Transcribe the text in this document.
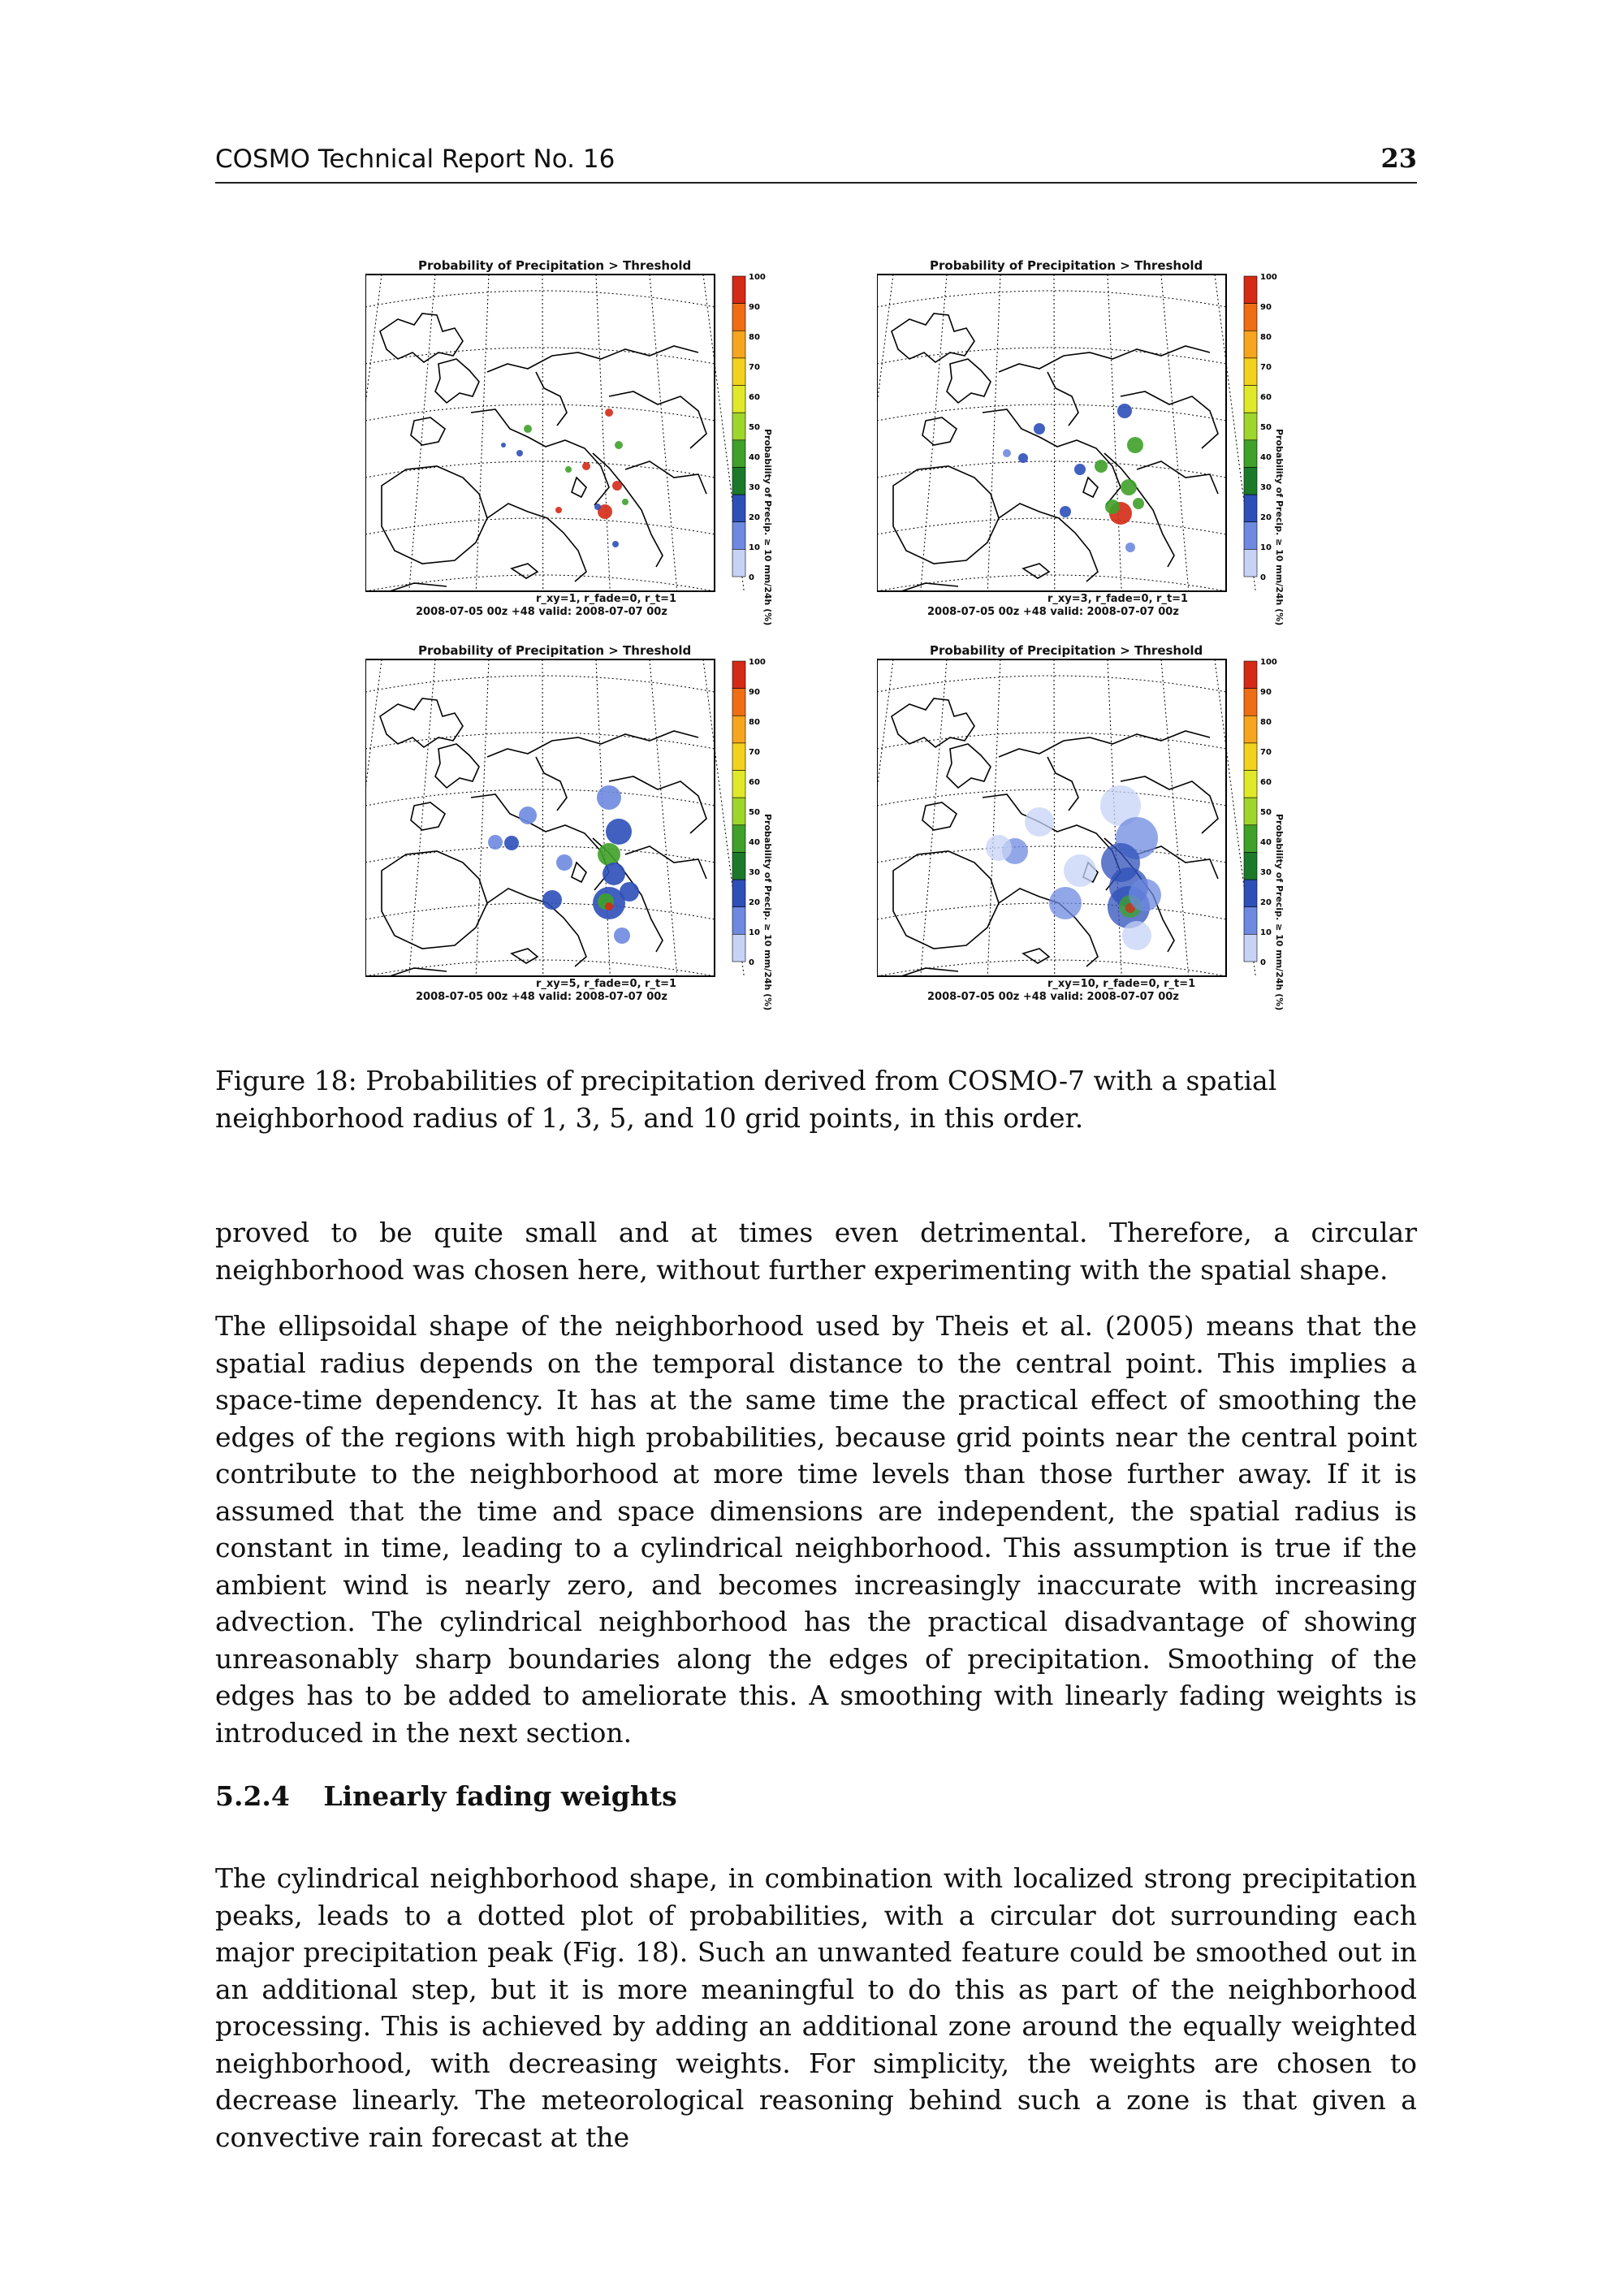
COSMO Technical Report No. 16	23
Probability of Precipitation > Threshold
100
90
80
70
60
50
40
30
20
10
0 Probability of Precip. ≥ 10 mm/24h (%)
r_xy=1, r_fade=0, r_t=1
2008-07-05 00z +48 valid: 2008-07-07 00z
Probability of Precipitation > Threshold
100
90
80
70
60
50
40
30
20
10
0 Probability of Precip. ≥ 10 mm/24h (%)
r_xy=3, r_fade=0, r_t=1
2008-07-05 00z +48 valid: 2008-07-07 00z
Probability of Precipitation > Threshold
100
90
80
70
60
50
40
30
20
10
0 Probability of Precip. ≥ 10 mm/24h (%)
r_xy=5, r_fade=0, r_t=1
2008-07-05 00z +48 valid: 2008-07-07 00z
Probability of Precipitation > Threshold
100
90
80
70
60
50
40
30
20
10
0 Probability of Precip. ≥ 10 mm/24h (%)
r_xy=10, r_fade=0, r_t=1
2008-07-05 00z +48 valid: 2008-07-07 00z
Figure 18: Probabilities of precipitation derived from COSMO-7 with a spatial neighborhood radius of 1, 3, 5, and 10 grid points, in this order.
proved to be quite small and at times even detrimental. Therefore, a circular neighborhood was chosen here, without further experimenting with the spatial shape.
The ellipsoidal shape of the neighborhood used by Theis et al. (2005) means that the spatial radius depends on the temporal distance to the central point. This implies a space-time dependency. It has at the same time the practical effect of smoothing the edges of the regions with high probabilities, because grid points near the central point contribute to the neighborhood at more time levels than those further away. If it is assumed that the time and space dimensions are independent, the spatial radius is constant in time, leading to a cylindrical neighborhood. This assumption is true if the ambient wind is nearly zero, and becomes increasingly inaccurate with increasing advection. The cylindrical neighborhood has the practical disadvantage of showing unreasonably sharp boundaries along the edges of precipitation. Smoothing of the edges has to be added to ameliorate this. A smoothing with linearly fading weights is introduced in the next section.
5.2.4 Linearly fading weights
The cylindrical neighborhood shape, in combination with localized strong precipitation peaks, leads to a dotted plot of probabilities, with a circular dot surrounding each major precipitation peak (Fig. 18). Such an unwanted feature could be smoothed out in an additional step, but it is more meaningful to do this as part of the neighborhood processing. This is achieved by adding an additional zone around the equally weighted neighborhood, with decreasing weights. For simplicity, the weights are chosen to decrease linearly. The meteorological reasoning behind such a zone is that given a convective rain forecast at the
